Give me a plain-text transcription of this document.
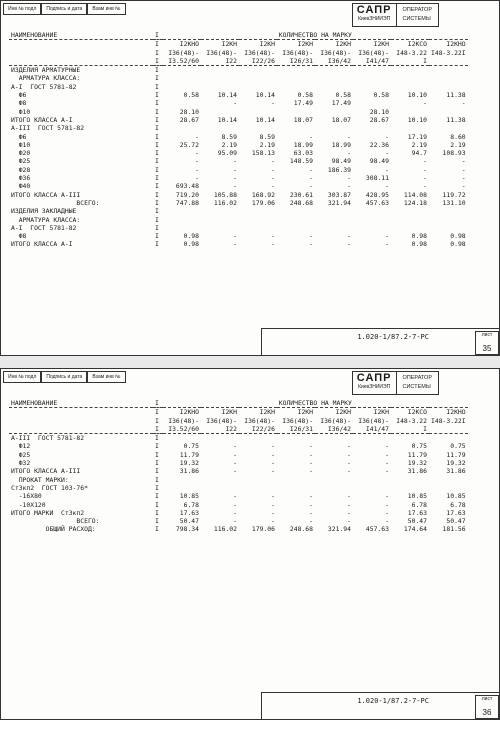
Инв № подл	Подпись и дата	Взам инв №	САПР
КиевЗНИИЭП
ОПЕРАТОР
СИСТЕМЫ
НАИМЕНОВАНИЕ	I	КОЛИЧЕСТВО НА МАРКУ							
	I	I2КНО	I2КН	I2КН	I2КН	I2КН	I2КН	I2КСО	I2КНО
	I	I36(48)-	I36(48)-	I36(48)-	I36(48)-	I36(48)-	I36(48)-	I48-3.22	I48-3.22I
	I	I3.52/60	I22	I22/26	I26/31	I36/42	I41/47	I	
ИЗДЕЛИЯ АРМАТУРНЫЕ	I								
АРМАТУРА КЛАССА:	I								
А-I  ГОСТ 5781-82	I								
Ф6	I	0.58	10.14	10.14	0.58	0.58	0.58	10.10	11.38
Ф8	I		-	-	17.49	17.49		-	-
Ф10	I	28.10					28.10		
ИТОГО КЛАССА А-I	I	28.67	10.14	10.14	18.07	18.07	28.67	10.10	11.38
А-III  ГОСТ 5781-82	I								
Ф6	I	-	8.59	8.59	-	-	-	17.19	8.60
Ф10	I	25.72	2.19	2.19	18.99	18.99	22.36	2.19	2.19
Ф20	I	-	95.09	158.13	63.03	-	-	94.7	108.93
Ф25	I	-	-	-	148.59	98.49	98.49	-	-
Ф28	I	-	-	-	-	186.39	-	-	-
Ф36	I	-	-	-	-	-	308.11	-	-
Ф40	I	693.48	-	-	-	-	-	-	-
ИТОГО КЛАССА А-III	I	719.20	105.88	168.92	230.61	303.87	428.95	114.08	119.72
ВСЕГО:	I	747.88	116.02	179.06	248.68	321.94	457.63	124.18	131.10
ИЗДЕЛИЯ ЗАКЛАДНЫЕ	I								
АРМАТУРА КЛАССА:	I								
А-I  ГОСТ 5781-82	I								
Ф8	I	0.98	-	-	-	-	-	0.98	0.98
ИТОГО КЛАССА А-I	I	0.98	-	-	-	-	-	0.98	0.98
1.020-1/87.2-7-РС	лист
35
Инв № подл	Подпись и дата	Взам инв №	САПР
КиевЗНИИЭП
ОПЕРАТОР
СИСТЕМЫ
НАИМЕНОВАНИЕ	I	КОЛИЧЕСТВО НА МАРКУ							
	I	I2КНО	I2КН	I2КН	I2КН	I2КН	I2КН	I2КСО	I2КНО
	I	I36(48)-	I36(48)-	I36(48)-	I36(48)-	I36(48)-	I36(48)-	I48-3.22	I48-3.22I
	I	I3.52/60	I22	I22/26	I26/31	I36/42	I41/47	I	
А-III  ГОСТ 5781-82	I								
Ф12	I	0.75	-	-	-	-	-	0.75	0.75
Ф25	I	11.79	-	-	-	-	-	11.79	11.79
Ф32	I	19.32	-	-	-	-	-	19.32	19.32
ИТОГО КЛАССА А-III	I	31.86	-	-	-	-	-	31.86	31.86
ПРОКАТ МАРКИ:	I								
Ст3кп2  ГОСТ 103-76*	I								
-16Х80	I	10.85	-	-	-	-	-	10.85	10.85
-10Х120	I	6.78	-	-	-	-	-	6.78	6.78
ИТОГО МАРКИ  Ст3кп2	I	17.63	-	-	-	-	-	17.63	17.63
ВСЕГО:	I	50.47	-	-	-	-	-	50.47	50.47
ОБЩИЙ РАСХОД:	I	798.34	116.02	179.06	248.68	321.94	457.63	174.64	181.56
1.020-1/87.2-7-РС	лист
36
